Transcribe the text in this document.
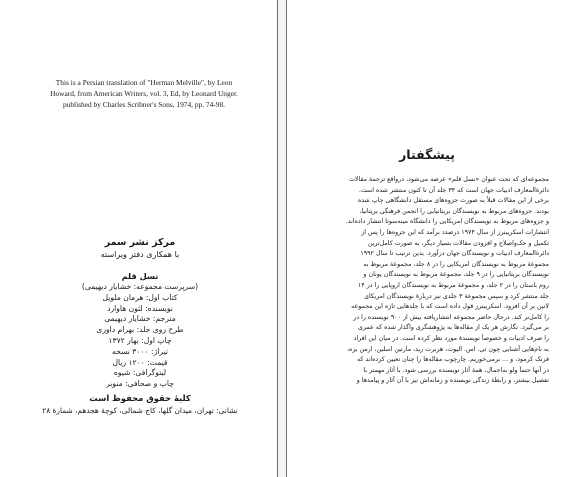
This is a Persian translation of "Herman Melville", by Leon
Howard, from American Writers, vol. 3, Ed, by Leonard Unger.
published by Charles Scribner's Sons, 1974, pp. 74-98.
مرکز نشر سمر
با همکاری دفتر ویراسته
نسل قلم
(سرپرست مجموعه: خشایار دیهیمی)
کتاب اول: هرمان ملویل
نویسنده: لئون هاوارد
مترجم: خشایار دیهیمی
طرح روی جلد: بهرام داوری
چاپ اول: بهار ۱۳۷۲
تیراژ: ۳۰۰۰ نسخه
قیمت: ۱۲۰۰ ریال
لیتوگرافی: شیوه
چاپ و صحافی: منوبر
کلیهٔ حقوق محفوظ است
نشانی: تهران، میدان گلها، کاج شمالی، کوچهٔ هجدهم، شمارهٔ ۲۸
پیشگفتار
مجموعه‌ای که تحت عنوان «نسل قلم» عرضه می‌شود، درواقع ترجمهٔ مقالات
دائرةالمعارف ادبیات جهان است که ۳۴ جلد آن تا کنون منتشر شده است.
برخی از این مقالات قبلاً به صورت جزوه‌های مستقل دانشگاهی چاپ شده
بودند. جزوه‌های مربوط به نویسندگان بریتانیایی را انجمن فرهنگی بریتانیا،
و جزوه‌های مربوط به نویسندگان امریکایی را دانشگاه مینه‌سوتا انتشار داده‌اند.
انتشارات اسکریبنرز از سال ۱۹۷۴ درصدد برآمد که این جزوه‌ها را پس از
تکمیل و حک‌واصلاح و افزودن مقالات بسیار دیگر، به صورت کامل‌ترین
دائرةالمعارف ادبیات و نویسندگان جهان درآورد. بدین ترتیب تا سال ۱۹۹۲
مجموعهٔ مربوط به نویسندگان امریکایی را در ۸ جلد، مجموعهٔ مربوط به
نویسندگان بریتانیایی را در ۹ جلد، مجموعهٔ مربوط به نویسندگان یونان و
روم باستان را در ۲ جلد، و مجموعهٔ مربوط به نویسندگان اروپایی را در ۱۴
جلد منتشر کرد و سپس مجموعهٔ ۳ جلدی نیز دربارهٔ نویسندگان امریکای
لاتین بر آن افزود. اسکریبنرز قول داده است که با جلدهایی تازه این مجموعه
را کامل‌تر کند. درحال حاضر مجموعه انتشاریافته بیش از ۹۰۰ نویسنده را در
بر می‌گیرد. نگارش هر یک از مقاله‌ها به پژوهشگری واگذار شده که عمری
را صرف ادبیات و خصوصاً نویسندهٔ مورد نظر کرده است. در میان این افراد
به نام‌هایی آشنایی چون تی. اس. الیوت، هربرت رید، مارتین اسلین، ارمن بره،
فرنک کرمود، و ... برمی‌خوریم. چارچوب مقاله‌ها را چنان تعیین کرده‌اند که
در آنها حتماً ولو به‌اجمال، همهٔ آثار نویسنده بررسی شود. با آثار مهمتر با
تفصیل بیشتر، و رابطهٔ زندگی نویسنده و زمانه‌اش نیز با آن آثار و پیامدها و
